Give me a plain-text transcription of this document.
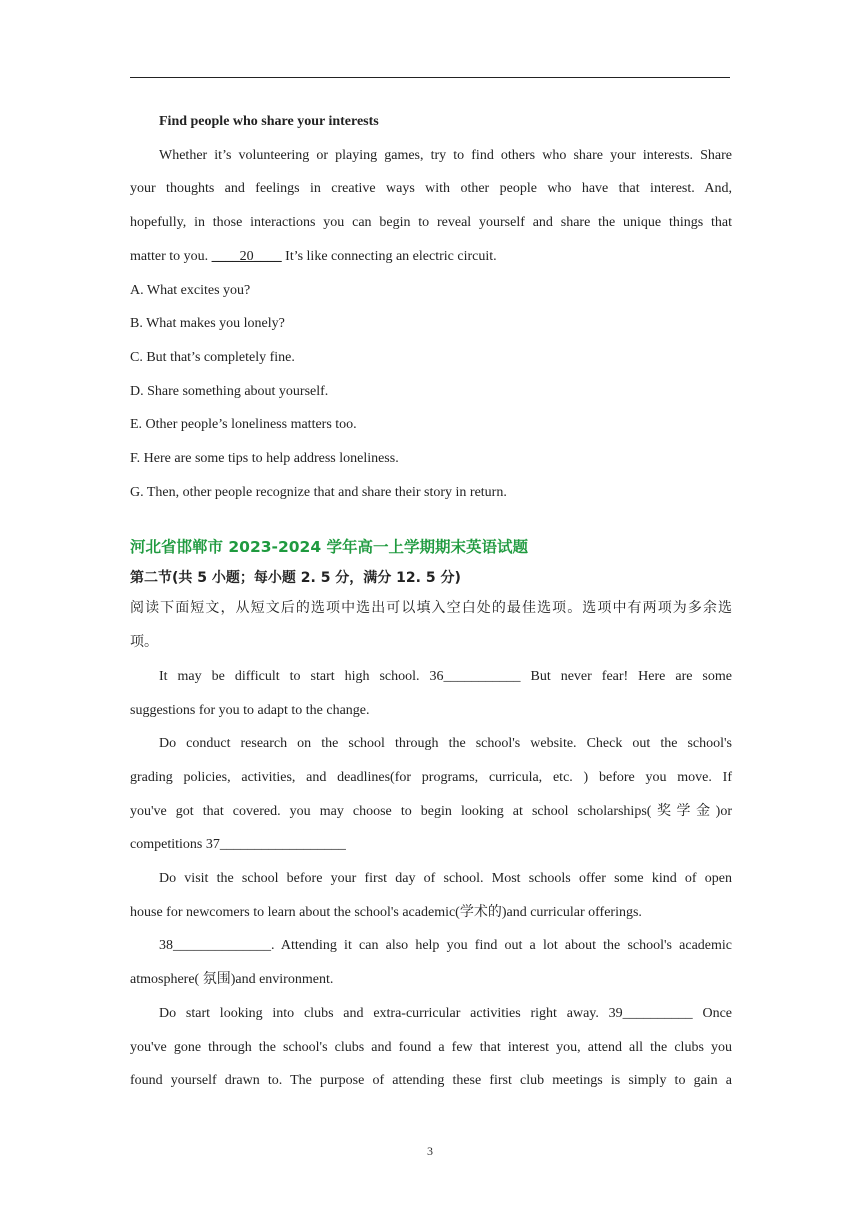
Find people who share your interests

Whether it’s volunteering or playing games, try to find others who share your interests. Share

your thoughts and feelings in creative ways with other people who have that interest. And,

hopefully, in those interactions you can begin to reveal yourself and share the unique things that

matter to you. ____20____ It’s like connecting an electric circuit.

A. What excites you?

B. What makes you lonely?

C. But that’s completely fine.

D. Share something about yourself.

E. Other people’s loneliness matters too.

F. Here are some tips to help address loneliness.

G. Then, other people recognize that and share their story in return.

河北省邯郸市 2023-2024 学年高一上学期期末英语试题
第二节(共 5 小题；每小题 2. 5 分，满分 12. 5 分)

阅读下面短文，从短文后的选项中选出可以填入空白处的最佳选项。选项中有两项为多余选

项。

It may be difficult to start high school. 36___________ But never fear! Here are some

suggestions for you to adapt to the change.

Do conduct research on the school through the school's website. Check out the school's

grading policies, activities, and deadlines(for programs, curricula, etc. ) before you move. If

you've got that covered. you may choose to begin looking at school scholarships(奖学金)or

competitions 37__________________

Do visit the school before your first day of school. Most schools offer some kind of open

house for newcomers to learn about the school's academic(学术的)and curricular offerings.

38______________. Attending it can also help you find out a lot about the school's academic

atmosphere( 氛围)and environment.

Do start looking into clubs and extra-curricular activities right away. 39__________ Once

you've gone through the school's clubs and found a few that interest you, attend all the clubs you

found yourself drawn to. The purpose of attending these first club meetings is simply to gain a

3
